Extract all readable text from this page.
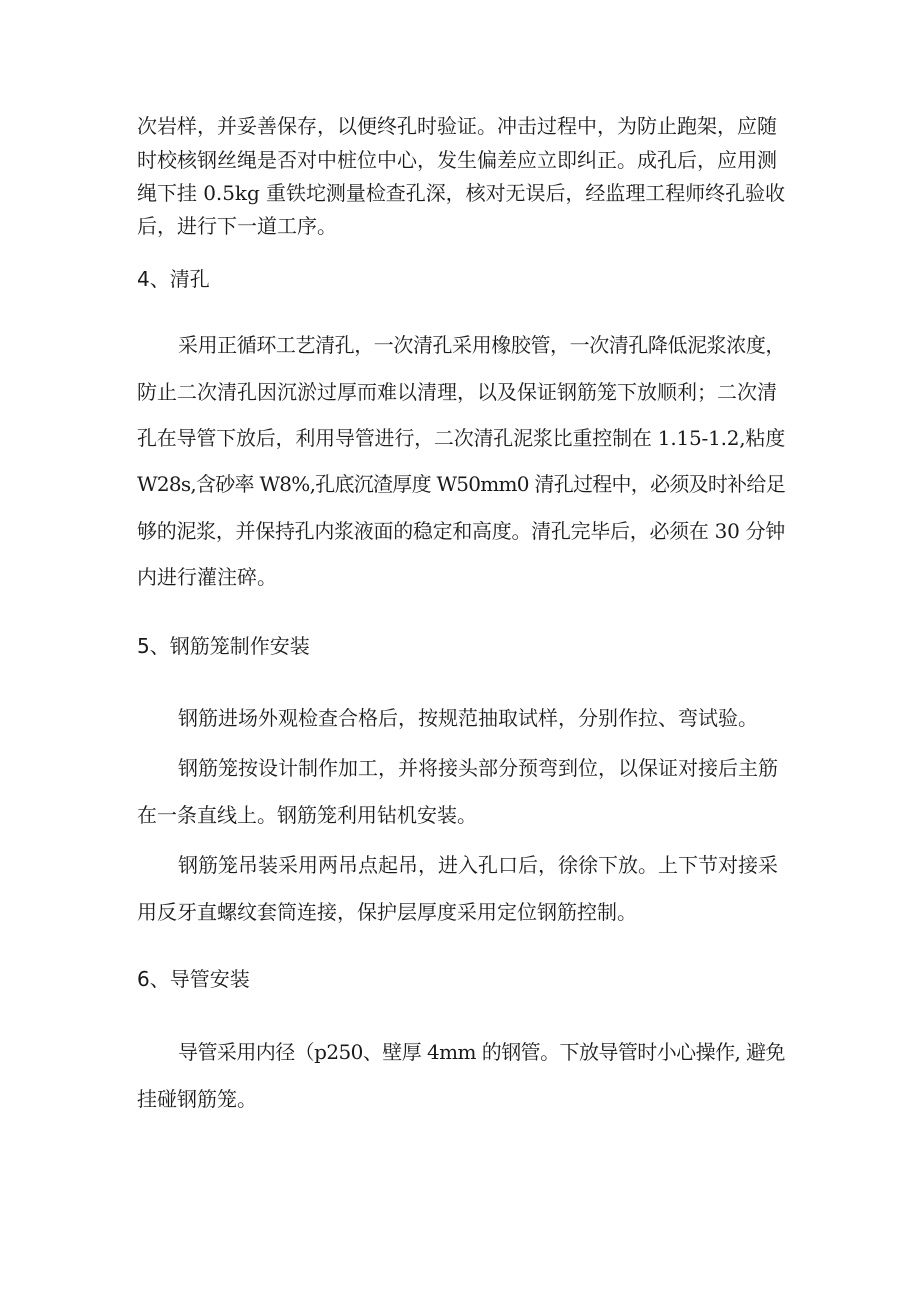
次岩样，并妥善保存，以便终孔时验证。冲击过程中，为防止跑架，应随
时校核钢丝绳是否对中桩位中心，发生偏差应立即纠正。成孔后，应用测
绳下挂 0.5kg 重铁坨测量检查孔深，核对无误后，经监理工程师终孔验收
后，进行下一道工序。
4、清孔
采用正循环工艺清孔，一次清孔采用橡胶管，一次清孔降低泥浆浓度，
防止二次清孔因沉淤过厚而难以清理，以及保证钢筋笼下放顺利；二次清
孔在导管下放后，利用导管进行，二次清孔泥浆比重控制在 1.15-1.2,粘度
W28s,含砂率 W8%,孔底沉渣厚度 W50mm0 清孔过程中，必须及时补给足
够的泥浆，并保持孔内浆液面的稳定和高度。清孔完毕后，必须在 30 分钟
内进行灌注碎。
5、钢筋笼制作安装
钢筋进场外观检查合格后，按规范抽取试样，分别作拉、弯试验。
钢筋笼按设计制作加工，并将接头部分预弯到位，以保证对接后主筋
在一条直线上。钢筋笼利用钻机安装。
钢筋笼吊装采用两吊点起吊，进入孔口后，徐徐下放。上下节对接采
用反牙直螺纹套筒连接，保护层厚度采用定位钢筋控制。
6、导管安装
导管采用内径（p250、壁厚 4mm 的钢管。下放导管时小心操作, 避免
挂碰钢筋笼。
